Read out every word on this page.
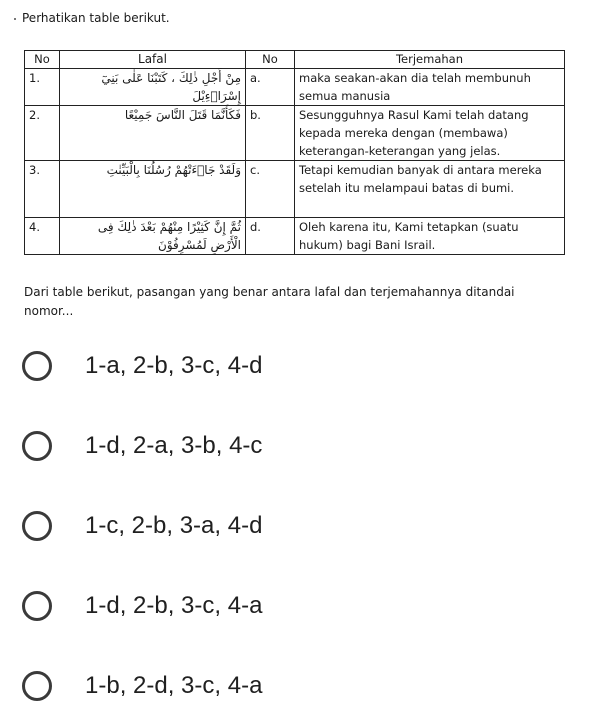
Perhatikan table berikut.
No	Lafal	No	Terjemahan
1.	مِنْ أَجْلِ ذٰلِكَ ، كَتَبْنَا عَلٰى بَنِيٓ إِسْرَاۤءِيْلَ	a.	maka seakan-akan dia telah membunuh semua manusia
2.	فَكَأَنَّمَا قَتَلَ النَّاسَ جَمِيْعًا	b.	Sesungguhnya Rasul Kami telah datang kepada mereka dengan (membawa) keterangan-keterangan yang jelas.
3.	وَلَقَدْ جَاۤءَتْهُمْ رُسُلُنَا بِالْبَيِّنٰتِ	c.	Tetapi kemudian banyak di antara mereka setelah itu melampaui batas di bumi.
4.	ثُمَّ إِنَّ كَثِيْرًا مِنْهُمْ بَعْدَ ذٰلِكَ فِى الْأَرْضِ لَمُسْرِفُوْنَ	d.	Oleh karena itu, Kami tetapkan (suatu hukum) bagi Bani Israil.
Dari table berikut, pasangan yang benar antara lafal dan terjemahannya ditandai nomor...
1-a, 2-b, 3-c, 4-d
1-d, 2-a, 3-b, 4-c
1-c, 2-b, 3-a, 4-d
1-d, 2-b, 3-c, 4-a
1-b, 2-d, 3-c, 4-a
